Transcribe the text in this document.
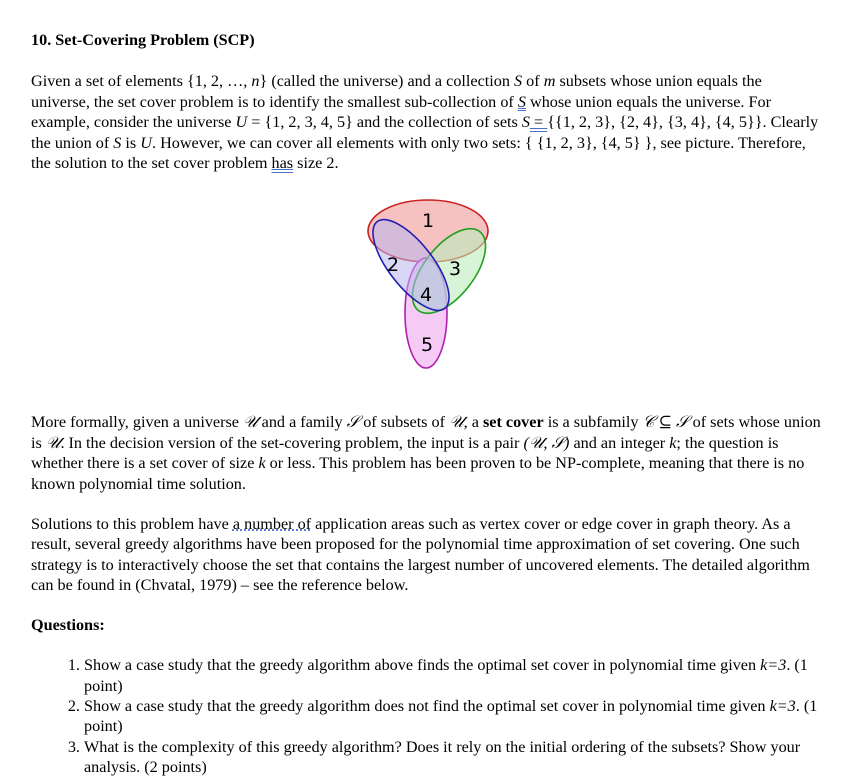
10. Set-Covering Problem (SCP)

Given a set of elements {1, 2, …, n} (called the universe) and a collection S of m subsets whose union equals the universe, the set cover problem is to identify the smallest sub-collection of S whose union equals the universe. For example, consider the universe U = {1, 2, 3, 4, 5} and the collection of sets S = {{1, 2, 3}, {2, 4}, {3, 4}, {4, 5}}. Clearly the union of S is U. However, we can cover all elements with only two sets: { {1, 2, 3}, {4, 5} }, see picture. Therefore, the solution to the set cover problem has size 2.

1
2	3
4
5

More formally, given a universe 𝒰 and a family 𝒮 of subsets of 𝒰, a set cover is a subfamily 𝒞 ⊆ 𝒮 of sets whose union is 𝒰. In the decision version of the set-covering problem, the input is a pair (𝒰, 𝒮) and an integer k; the question is whether there is a set cover of size k or less. This problem has been proven to be NP-complete, meaning that there is no known polynomial time solution.

Solutions to this problem have a number of application areas such as vertex cover or edge cover in graph theory. As a result, several greedy algorithms have been proposed for the polynomial time approximation of set covering. One such strategy is to interactively choose the set that contains the largest number of uncovered elements. The detailed algorithm can be found in (Chvatal, 1979) – see the reference below.

Questions:

1. Show a case study that the greedy algorithm above finds the optimal set cover in polynomial time given k=3. (1 point)
2. Show a case study that the greedy algorithm does not find the optimal set cover in polynomial time given k=3. (1 point)
3. What is the complexity of this greedy algorithm? Does it rely on the initial ordering of the subsets? Show your analysis. (2 points)
